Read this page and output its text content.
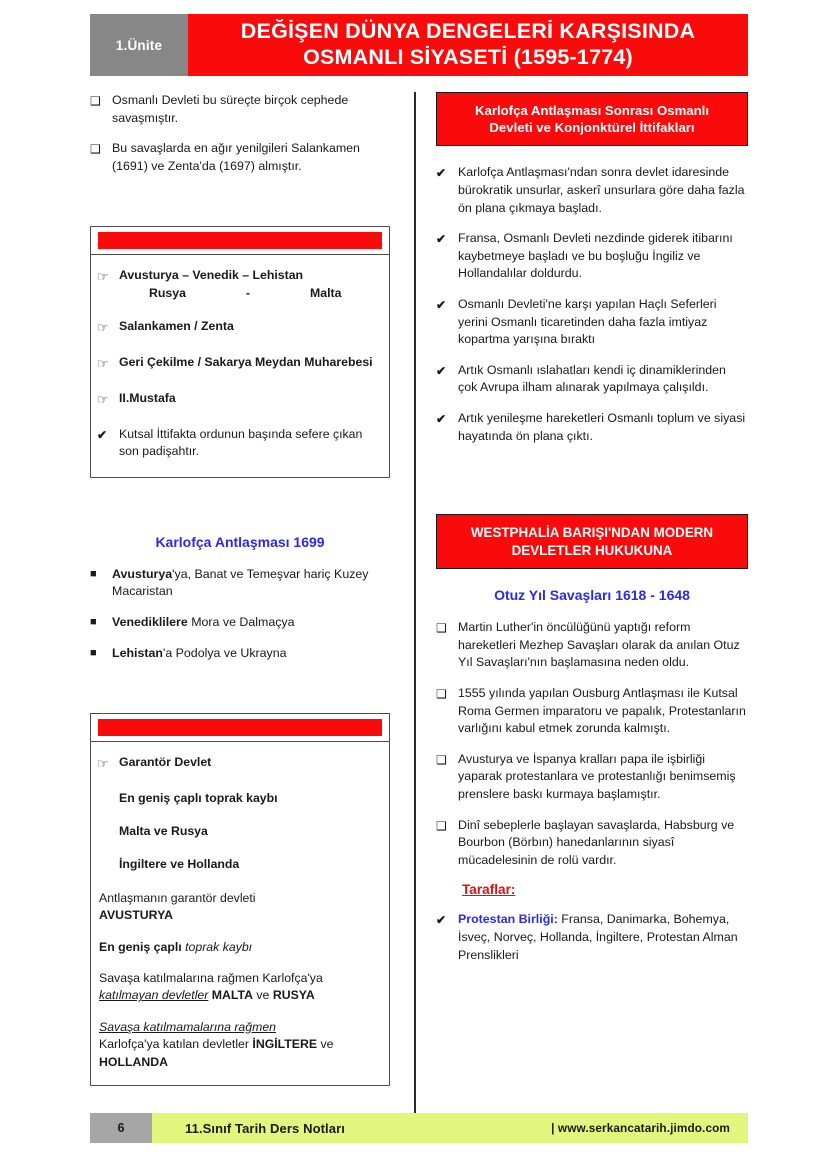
1.Ünite
DEĞİŞEN DÜNYA DENGELERİ KARŞISINDA
OSMANLI SİYASETİ (1595-1774)
❑ Osmanlı Devleti bu süreçte birçok cephede savaşmıştır.
❑ Bu savaşlarda en ağır yenilgileri Salankamen (1691) ve Zenta'da (1697) almıştır.
☞ Avusturya – Venedik – Lehistan
Rusya	-	Malta
☞ Salankamen / Zenta
☞ Geri Çekilme / Sakarya Meydan Muharebesi
☞ II.Mustafa
✔ Kutsal İttifakta ordunun başında sefere çıkan son padişahtır.
Karlofça Antlaşması 1699
■	Avusturya'ya, Banat ve Temeşvar hariç Kuzey Macaristan
■	Venediklilere Mora ve Dalmaçya
■	Lehistan'a Podolya ve Ukrayna
☞ Garantör Devlet
En geniş çaplı toprak kaybı
Malta ve Rusya
İngiltere ve Hollanda
Antlaşmanın garantör devleti
AVUSTURYA
En geniş çaplı toprak kaybı
Savaşa katılmalarına rağmen Karlofça'ya katılmayan devletler MALTA ve RUSYA
Savaşa katılmamalarına rağmen
Karlofça'ya katılan devletler İNGİLTERE ve HOLLANDA
Karlofça Antlaşması Sonrası Osmanlı
Devleti ve Konjonktürel İttifakları
✔ Karlofça Antlaşması'ndan sonra devlet idaresinde bürokratik unsurlar, askerî unsurlara göre daha fazla ön plana çıkmaya başladı.
✔ Fransa, Osmanlı Devleti nezdinde giderek itibarını kaybetmeye başladı ve bu boşluğu İngiliz ve Hollandalılar doldurdu.
✔ Osmanlı Devleti'ne karşı yapılan Haçlı Seferleri yerini Osmanlı ticaretinden daha fazla imtiyaz kopartma yarışına bıraktı
✔ Artık Osmanlı ıslahatları kendi iç dinamiklerinden çok Avrupa ilham alınarak yapılmaya çalışıldı.
✔ Artık yenileşme hareketleri Osmanlı toplum ve siyasi hayatında ön plana çıktı.
WESTPHALİA BARIŞI'NDAN MODERN
DEVLETLER HUKUKUNA
Otuz Yıl Savaşları 1618 - 1648
❑ Martin Luther'in öncülüğünü yaptığı reform hareketleri Mezhep Savaşları olarak da anılan Otuz Yıl Savaşları'nın başlamasına neden oldu.
❑ 1555 yılında yapılan Ousburg Antlaşması ile Kutsal Roma Germen imparatoru ve papalık, Protestanların varlığını kabul etmek zorunda kalmıştı.
❑ Avusturya ve İspanya kralları papa ile işbirliği yaparak protestanlara ve protestanlığı benimsemiş prenslere baskı kurmaya başlamıştır.
❑ Dinî sebeplerle başlayan savaşlarda, Habsburg ve Bourbon (Börbın) hanedanlarının siyasî mücadelesinin de rolü vardır.
Taraflar:
✔ Protestan Birliği: Fransa, Danimarka, Bohemya, İsveç, Norveç, Hollanda, İngiltere, Protestan Alman Prenslikleri
6	11.Sınıf Tarih Ders Notları	| www.serkancatarih.jimdo.com
